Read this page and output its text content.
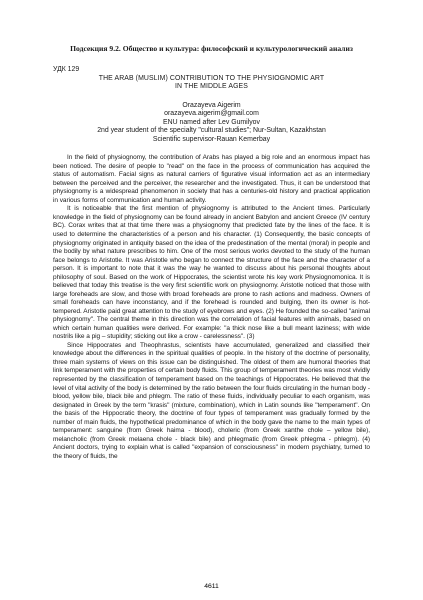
Подсекция 9.2. Общество и культура: философский и культурологический анализ

УДК 129

THE ARAB (MUSLIM) CONTRIBUTION TO THE PHYSIOGNOMIC ART

IN THE MIDDLE AGES

Orazayeva Aigerim
orazayeva.aigerim@gmail.com
ENU named after Lev Gumilyov
2nd year student of the specialty "cultural studies"; Nur-Sultan, Kazakhstan
Scientific supervisor-Rauan Kemerbay

In the field of physiognomy, the contribution of Arabs has played a big role and an enormous impact has been noticed. The desire of people to "read" on the face in the process of communication has acquired the status of automatism. Facial signs as natural carriers of figurative visual information act as an intermediary between the perceived and the perceiver, the researcher and the investigated. Thus, it can be understood that physiognomy is a widespread phenomenon in society that has a centuries-old history and practical application in various forms of communication and human activity.

It is noticeable that the first mention of physiognomy is attributed to the Ancient times. Particularly knowledge in the field of physiognomy can be found already in ancient Babylon and ancient Greece (IV century BC). Corax writes that at that time there was a physiognomy that predicted fate by the lines of the face. It is used to determine the characteristics of a person and his character. (1) Consequently, the basic concepts of physiognomy originated in antiquity based on the idea of the predestination of the mental (moral) in people and the bodily by what nature prescribes to him. One of the most serious works devoted to the study of the human face belongs to Aristotle. It was Aristotle who began to connect the structure of the face and the character of a person. It is important to note that it was the way he wanted to discuss about his personal thoughts about philosophy of soul. Based on the work of Hippocrates, the scientist wrote his key work Physiognomonica. It is believed that today this treatise is the very first scientific work on physiognomy. Aristotle noticed that those with large foreheads are slow, and those with broad foreheads are prone to rash actions and madness. Owners of small foreheads can have inconstancy, and if the forehead is rounded and bulging, then its owner is hot-tempered. Aristotle paid great attention to the study of eyebrows and eyes. (2) He founded the so-called "animal physiognomy". The central theme in this direction was the correlation of facial features with animals, based on which certain human qualities were derived. For example: "a thick nose like a bull meant laziness; with wide nostrils like a pig – stupidity; sticking out like a crow - carelessness". (3)

Since Hippocrates and Theophrastus, scientists have accumulated, generalized and classified their knowledge about the differences in the spiritual qualities of people. In the history of the doctrine of personality, three main systems of views on this issue can be distinguished. The oldest of them are humoral theories that link temperament with the properties of certain body fluids. This group of temperament theories was most vividly represented by the classification of temperament based on the teachings of Hippocrates. He believed that the level of vital activity of the body is determined by the ratio between the four fluids circulating in the human body - blood, yellow bile, black bile and phlegm. The ratio of these fluids, individually peculiar to each organism, was designated in Greek by the term "krasis" (mixture, combination), which in Latin sounds like "temperament". On the basis of the Hippocratic theory, the doctrine of four types of temperament was gradually formed by the number of main fluids, the hypothetical predominance of which in the body gave the name to the main types of temperament: sanguine (from Greek haima - blood), choleric (from Greek xanthe chole – yellow bile), melancholic (from Greek melaena chole - black bile) and phlegmatic (from Greek phlegma - phlegm). (4) Ancient doctors, trying to explain what is called "expansion of consciousness" in modern psychiatry, turned to the theory of fluids, the

4611
